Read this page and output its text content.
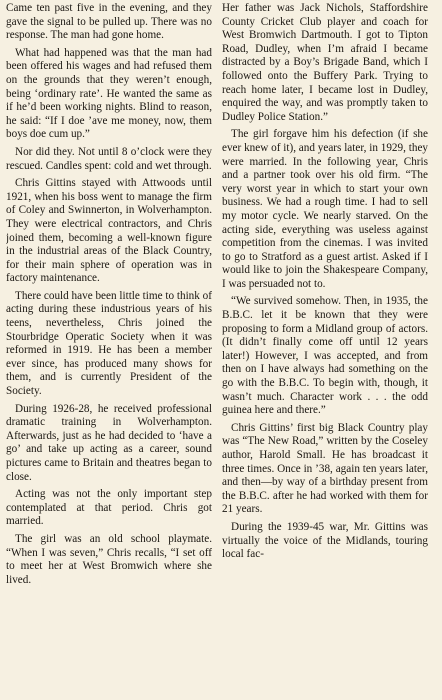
Came ten past five in the evening, and they gave the signal to be pulled up. There was no response. The man had gone home.

What had happened was that the man had been offered his wages and had refused them on the grounds that they weren’t enough, being ‘ordinary rate’. He wanted the same as if he’d been working nights. Blind to reason, he said: “If I doe ’ave me money, now, them boys doe cum up.”

Nor did they. Not until 8 o’clock were they rescued. Candles spent: cold and wet through.

Chris Gittins stayed with Attwoods until 1921, when his boss went to manage the firm of Coley and Swinnerton, in Wolverhampton. They were electrical contractors, and Chris joined them, becoming a well-known figure in the industrial areas of the Black Country, for their main sphere of operation was in factory maintenance.

There could have been little time to think of acting during these industrious years of his teens, nevertheless, Chris joined the Stourbridge Operatic Society when it was reformed in 1919. He has been a member ever since, has produced many shows for them, and is currently President of the Society.

During 1926-28, he received professional dramatic training in Wolverhampton. Afterwards, just as he had decided to ‘have a go’ and take up acting as a career, sound pictures came to Britain and theatres began to close.

Acting was not the only important step contemplated at that period. Chris got married.

The girl was an old school playmate. “When I was seven,” Chris recalls, “I set off to meet her at West Bromwich where she lived.

Her father was Jack Nichols, Staffordshire County Cricket Club player and coach for West Bromwich Dartmouth. I got to Tipton Road, Dudley, when I’m afraid I became distracted by a Boy’s Brigade Band, which I followed onto the Buffery Park. Trying to reach home later, I became lost in Dudley, enquired the way, and was promptly taken to Dudley Police Station.”

The girl forgave him his defection (if she ever knew of it), and years later, in 1929, they were married. In the following year, Chris and a partner took over his old firm. “The very worst year in which to start your own business. We had a rough time. I had to sell my motor cycle. We nearly starved. On the acting side, everything was useless against competition from the cinemas. I was invited to go to Stratford as a guest artist. Asked if I would like to join the Shakespeare Company, I was persuaded not to.

“We survived somehow. Then, in 1935, the B.B.C. let it be known that they were proposing to form a Midland group of actors. (It didn’t finally come off until 12 years later!) However, I was accepted, and from then on I have always had something on the go with the B.B.C. To begin with, though, it wasn’t much. Character work . . . the odd guinea here and there.”

Chris Gittins’ first big Black Country play was “The New Road,” written by the Coseley author, Harold Small. He has broadcast it three times. Once in ’38, again ten years later, and then—by way of a birthday present from the B.B.C. after he had worked with them for 21 years.

During the 1939-45 war, Mr. Gittins was virtually the voice of the Midlands, touring local fac-
